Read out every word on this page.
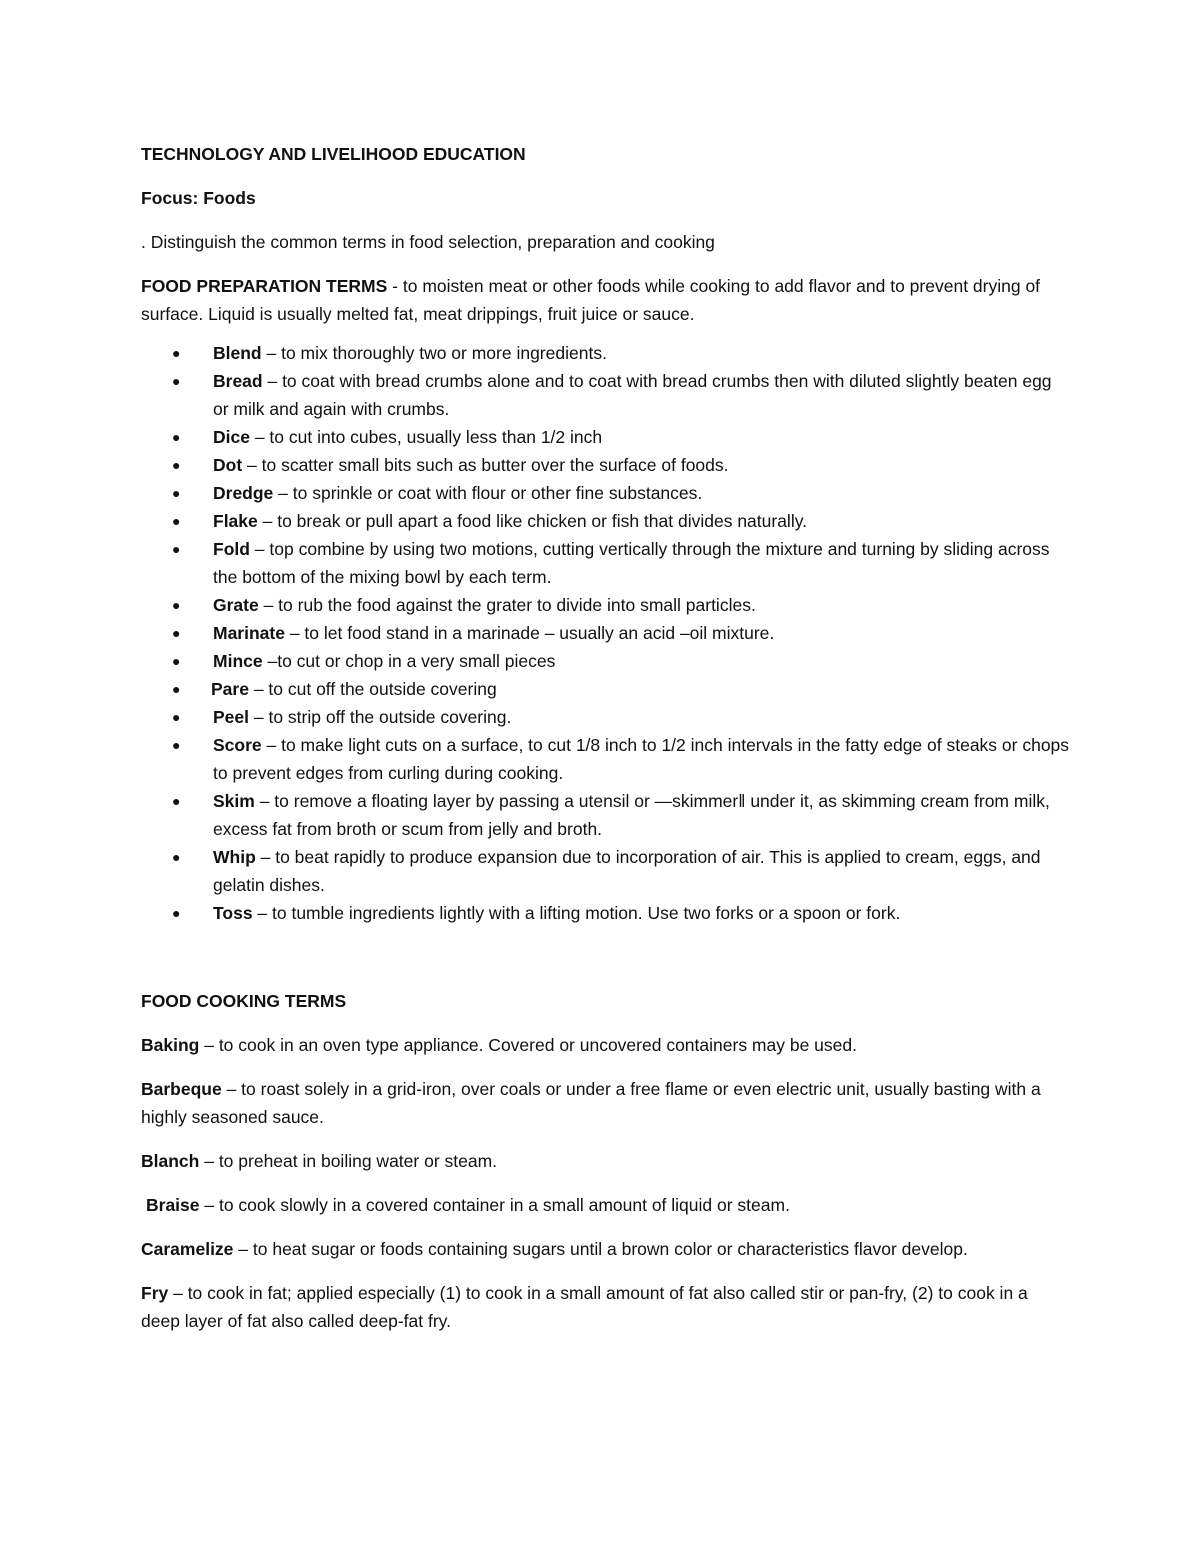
TECHNOLOGY AND LIVELIHOOD EDUCATION
Focus: Foods
. Distinguish the common terms in food selection, preparation and cooking
FOOD PREPARATION TERMS - to moisten meat or other foods while cooking to add flavor and to prevent drying of surface. Liquid is usually melted fat, meat drippings, fruit juice or sauce.
● Blend – to mix thoroughly two or more ingredients.
● Bread – to coat with bread crumbs alone and to coat with bread crumbs then with diluted slightly beaten egg or milk and again with crumbs.
● Dice – to cut into cubes, usually less than 1/2 inch
● Dot – to scatter small bits such as butter over the surface of foods.
● Dredge – to sprinkle or coat with flour or other fine substances.
● Flake – to break or pull apart a food like chicken or fish that divides naturally.
● Fold – top combine by using two motions, cutting vertically through the mixture and turning by sliding across the bottom of the mixing bowl by each term.
● Grate – to rub the food against the grater to divide into small particles.
● Marinate – to let food stand in a marinade – usually an acid –oil mixture.
● Mince –to cut or chop in a very small pieces
● Pare – to cut off the outside covering
● Peel – to strip off the outside covering.
● Score – to make light cuts on a surface, to cut 1/8 inch to 1/2 inch intervals in the fatty edge of steaks or chops to prevent edges from curling during cooking.
● Skim – to remove a floating layer by passing a utensil or ―skimmer‖ under it, as skimming cream from milk, excess fat from broth or scum from jelly and broth.
● Whip – to beat rapidly to produce expansion due to incorporation of air. This is applied to cream, eggs, and gelatin dishes.
● Toss – to tumble ingredients lightly with a lifting motion. Use two forks or a spoon or fork.
FOOD COOKING TERMS
Baking – to cook in an oven type appliance. Covered or uncovered containers may be used.
Barbeque – to roast solely in a grid-iron, over coals or under a free flame or even electric unit, usually basting with a highly seasoned sauce.
Blanch – to preheat in boiling water or steam.
Braise – to cook slowly in a covered container in a small amount of liquid or steam.
Caramelize – to heat sugar or foods containing sugars until a brown color or characteristics flavor develop.
Fry – to cook in fat; applied especially (1) to cook in a small amount of fat also called stir or pan-fry, (2) to cook in a deep layer of fat also called deep-fat fry.
